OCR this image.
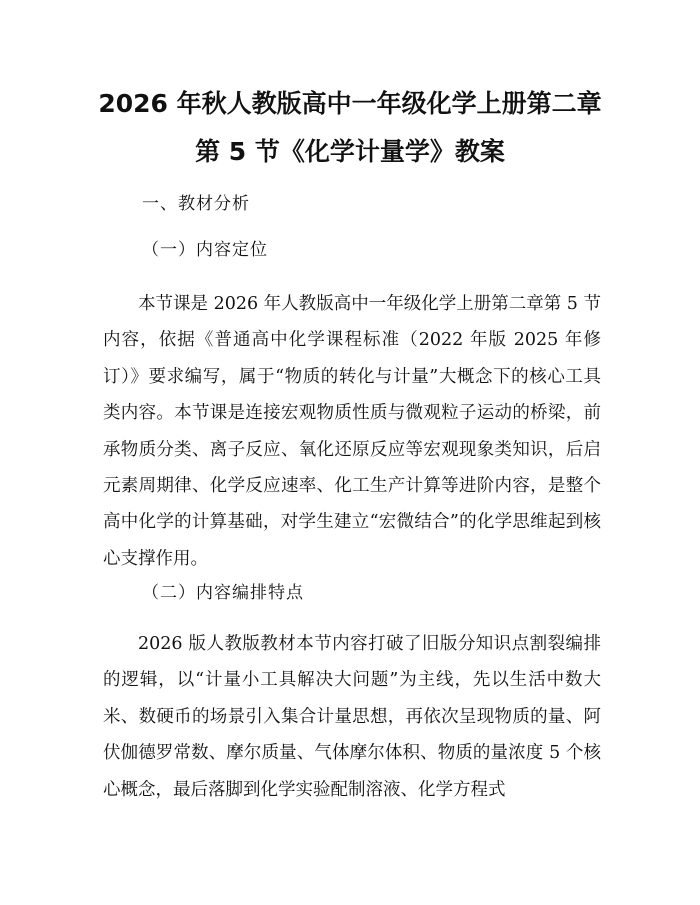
2026 年秋人教版高中一年级化学上册第二章
第 5 节《化学计量学》教案

一、教材分析

（一）内容定位

本节课是 2026 年人教版高中一年级化学上册第二章第 5 节内容，依据《普通高中化学课程标准（2022 年版 2025 年修订）》要求编写，属于“物质的转化与计量”大概念下的核心工具类内容。本节课是连接宏观物质性质与微观粒子运动的桥梁，前承物质分类、离子反应、氧化还原反应等宏观现象类知识，后启元素周期律、化学反应速率、化工生产计算等进阶内容，是整个高中化学的计算基础，对学生建立“宏微结合”的化学思维起到核心支撑作用。

（二）内容编排特点

2026 版人教版教材本节内容打破了旧版分知识点割裂编排的逻辑，以“计量小工具解决大问题”为主线，先以生活中数大米、数硬币的场景引入集合计量思想，再依次呈现物质的量、阿伏伽德罗常数、摩尔质量、气体摩尔体积、物质的量浓度 5 个核心概念，最后落脚到化学实验配制溶液、化学方程式
